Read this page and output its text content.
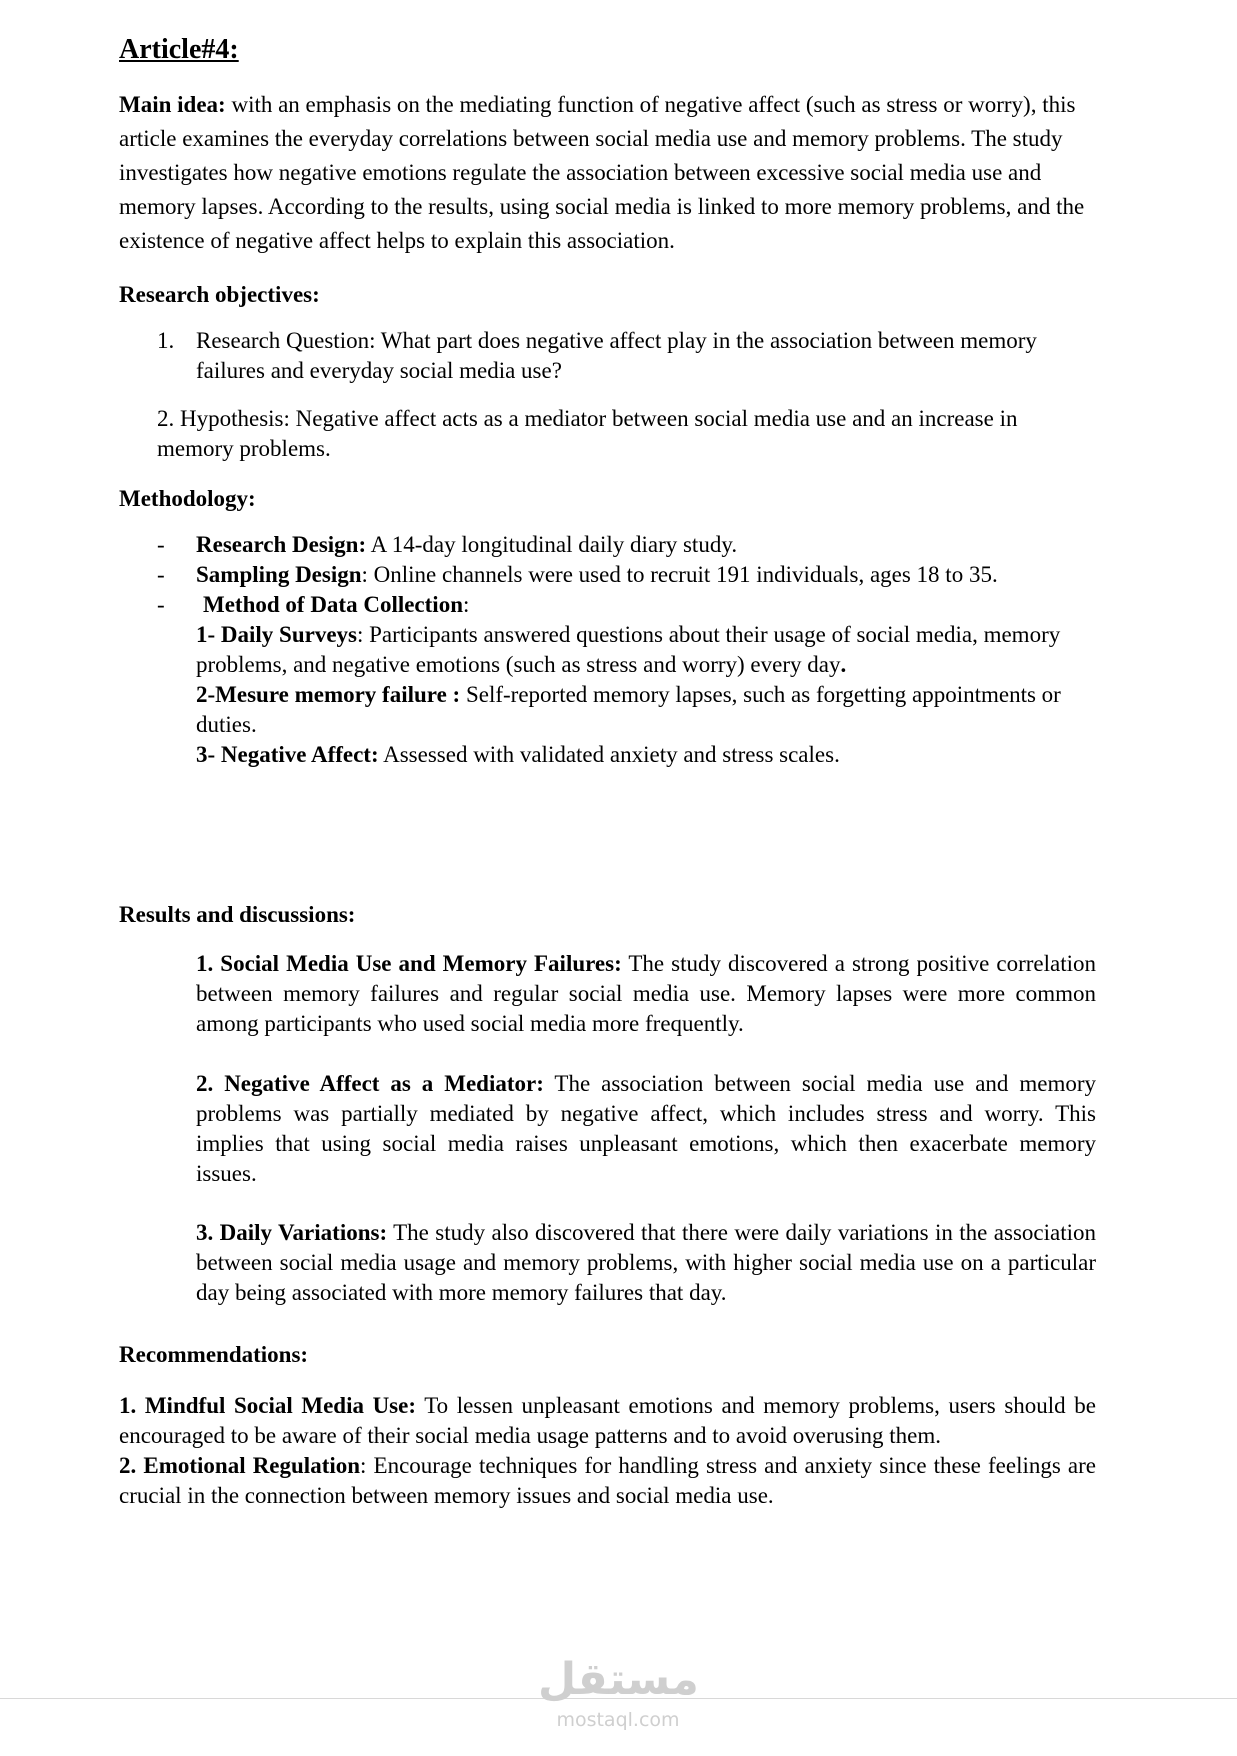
Article#4:

Main idea: with an emphasis on the mediating function of negative affect (such as stress or worry), this article examines the everyday correlations between social media use and memory problems. The study investigates how negative emotions regulate the association between excessive social media use and memory lapses. According to the results, using social media is linked to more memory problems, and the existence of negative affect helps to explain this association.

Research objectives:
1. Research Question: What part does negative affect play in the association between memory failures and everyday social media use?
2. Hypothesis: Negative affect acts as a mediator between social media use and an increase in memory problems.
Methodology:
- Research Design: A 14-day longitudinal daily diary study.
- Sampling Design: Online channels were used to recruit 191 individuals, ages 18 to 35.
- Method of Data Collection:
1- Daily Surveys: Participants answered questions about their usage of social media, memory problems, and negative emotions (such as stress and worry) every day.
2-Mesure memory failure : Self-reported memory lapses, such as forgetting appointments or duties.
3- Negative Affect: Assessed with validated anxiety and stress scales.
Results and discussions:
1. Social Media Use and Memory Failures: The study discovered a strong positive correlation between memory failures and regular social media use. Memory lapses were more common among participants who used social media more frequently.
2. Negative Affect as a Mediator: The association between social media use and memory problems was partially mediated by negative affect, which includes stress and worry. This implies that using social media raises unpleasant emotions, which then exacerbate memory issues.
3. Daily Variations: The study also discovered that there were daily variations in the association between social media usage and memory problems, with higher social media use on a particular day being associated with more memory failures that day.
Recommendations:
1. Mindful Social Media Use: To lessen unpleasant emotions and memory problems, users should be encouraged to be aware of their social media usage patterns and to avoid overusing them.
2. Emotional Regulation: Encourage techniques for handling stress and anxiety since these feelings are crucial in the connection between memory issues and social media use.
مستقل
mostaql.com
